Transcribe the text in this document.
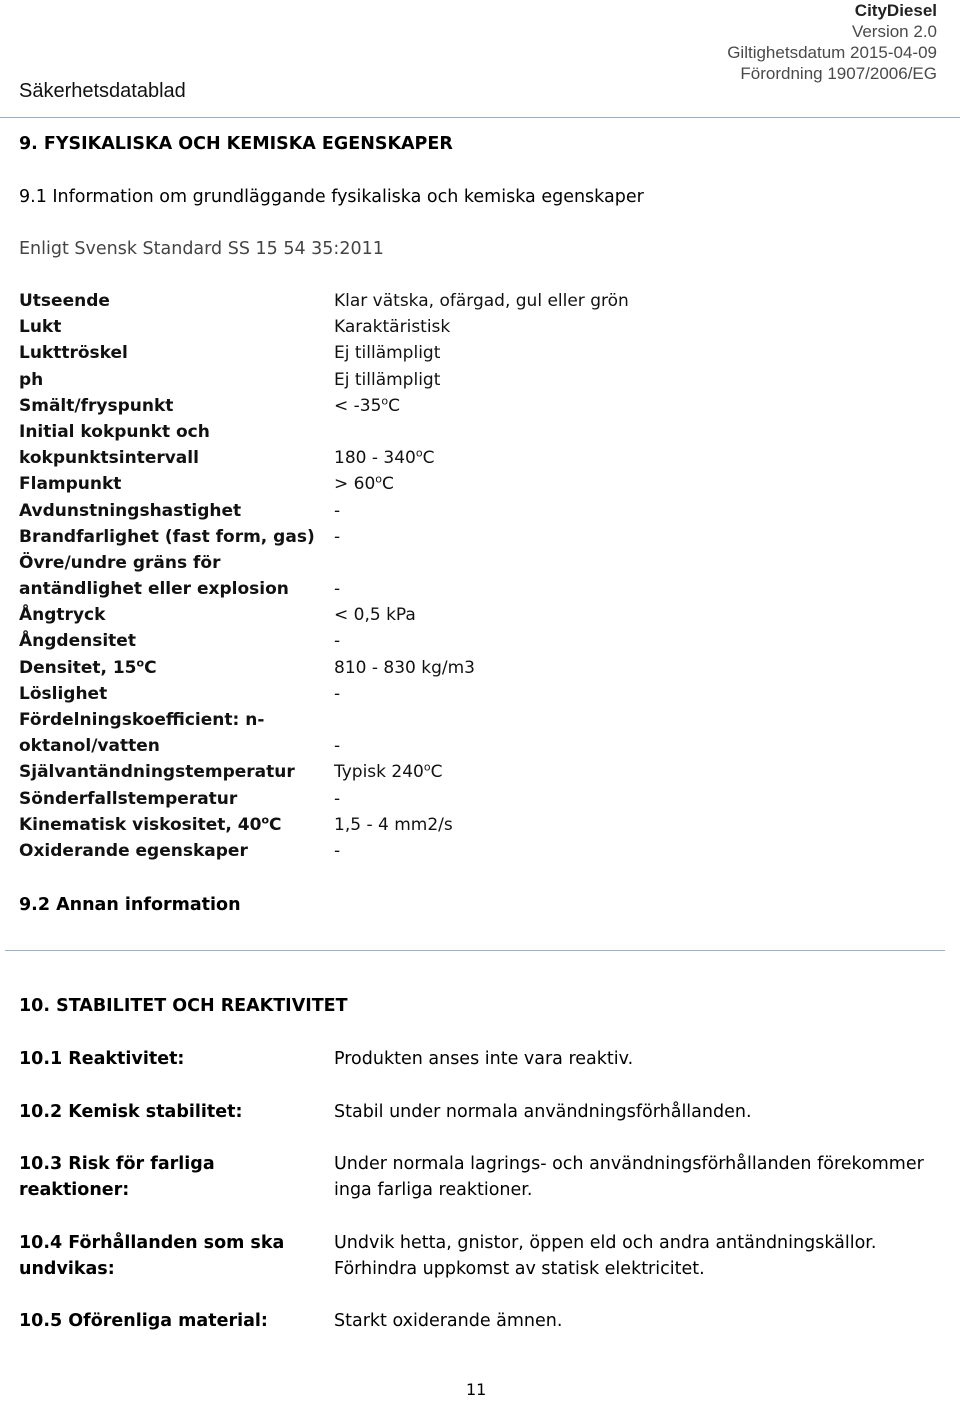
CityDiesel
Version 2.0
Giltighetsdatum 2015-04-09
Förordning 1907/2006/EG
Säkerhetsdatablad
9. FYSIKALISKA OCH KEMISKA EGENSKAPER
9.1 Information om grundläggande fysikaliska och kemiska egenskaper
Enligt Svensk Standard SS 15 54 35:2011
Utseende	Klar vätska, ofärgad, gul eller grön
Lukt	Karaktäristisk
Lukttröskel	Ej tillämpligt
ph	Ej tillämpligt
Smält/fryspunkt	< $-35^oC$
Initial kokpunkt och
kokpunktsintervall	180 - 340$^o$C
Flampunkt	> $60^oC$
Avdunstningshastighet	-
Brandfarlighet (fast form, gas) -
Övre/undre gräns för
antändlighet eller explosion	-
Ångtryck	< 0,5 kPa
Ångdensitet	-
Densitet, 15$^o$C	810 - 830 kg/m3
Löslighet	-
Fördelningskoefficient: n-
oktanol/vatten	-
Självantändningstemperatur Typisk 240$^o$C
Sönderfallstemperatur	-
Kinematisk viskositet, 40$^o$C	1,5 - 4 mm2/s
Oxiderande egenskaper	-
9.2 Annan information
10. STABILITET OCH REAKTIVITET
10.1 Reaktivitet:	Produkten anses inte vara reaktiv.
10.2 Kemisk stabilitet:	Stabil under normala användningsförhållanden.
10.3 Risk för farliga reaktioner:
Under normala lagrings- och användningsförhållanden förekommer
inga farliga reaktioner.
10.4 Förhållanden som ska
undvikas:
Undvik hetta, gnistor, öppen eld och andra antändningskällor.
Förhindra uppkomst av statisk elektricitet.
10.5 Oförenliga material:	Starkt oxiderande ämnen.
11
